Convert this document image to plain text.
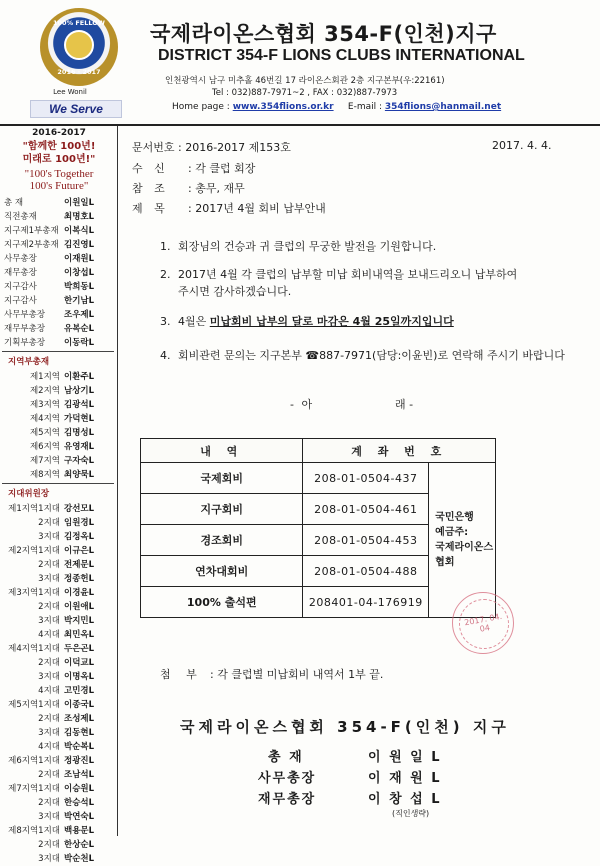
100% FELLOW
2016 · 2017
Lee Wonil
We Serve
국제라이온스협회 354-F(인천)지구
DISTRICT 354-F LIONS CLUBS INTERNATIONAL
인천광역시 남구 미추홀 46번길 17 라이온스회관 2층 지구본부(우:22161)
Tel : 032)887-7971~2 , FAX : 032)887-7973
Home page : www.354flions.or.kr E-mail : 354flions@hanmail.net
2016-2017
"함께한 100년!
미래로 100년!"
"100's Together
100's Future"
총 재	이원일L
직전총재	최명호L
지구제1부총재 이복식L
지구제2부총재 김진영L
사무총장	이재원L
재무총장	이창섭L
지구감사	박희동L
지구감사	한기남L
사무부총장	조우제L
재무부총장	유복순L
기획부총장	이동락L
지역부총재
제1지역 이환주L
제2지역 남상기L
제3지역 김광석L
제4지역 가덕현L
제5지역 김명성L
제6지역 유영재L
제7지역 구자숙L
제8지역 최양묵L
지대위원장
제1지역1지대 강선모L
2지대 임원경L
3지대 김정옥L
제2지역1지대 이규은L
2지대 전제문L
3지대 정종헌L
제3지역1지대 이경윤L
2지대 이원애L
3지대 박지민L
4지대 최민옥L
제4지역1지대 두은곤L
2지대 이덕교L
3지대 이명옥L
4지대 고민경L
제5지역1지대 이종국L
2지대 조성제L
3지대 김동현L
4지대 박순복L
제6지역1지대 정광진L
2지대 조남석L
제7지역1지대 이승원L
2지대 한승석L
3지대 박연숙L
제8지역1지대 백용문L
2지대 한상순L
3지대 박순천L
문서번호 : 2016-2017 제153호	2017. 4. 4.
수 신 : 각 클럽 회장
참 조 : 총무, 재무
제 목 : 2017년 4월 회비 납부안내
1. 회장님의 건승과 귀 클럽의 무궁한 발전을 기원합니다.
2. 2017년 4월 각 클럽의 납부할 미납 회비내역을 보내드리오니 납부하여
주시면 감사하겠습니다.
3. 4월은 미납회비 납부의 달로 마감은 4월 25일까지입니다
4. 회비관련 문의는 지구본부 ☎887-7971(담당:이윤빈)로 연락해 주시기 바랍니다
- 아	래 -
내 역	계 좌 번 호	
국제회비	208-01-0504-437	국민은행
예금주:
국제라이온스협회

지구회비	208-01-0504-461	
경조회비	208-01-0504-453	
연차대회비	208-01-0504-488	
100% 출석편	208401-04-176919	
2017. 04. 04
첨 부 : 각 클럽별 미납회비 내역서 1부 끝.
국제라이온스협회 354-F(인천) 지구
총 재	이 원 일 L
사무총장	이 재 원 L
재무총장	이 창 섭 L
(직인생략)
